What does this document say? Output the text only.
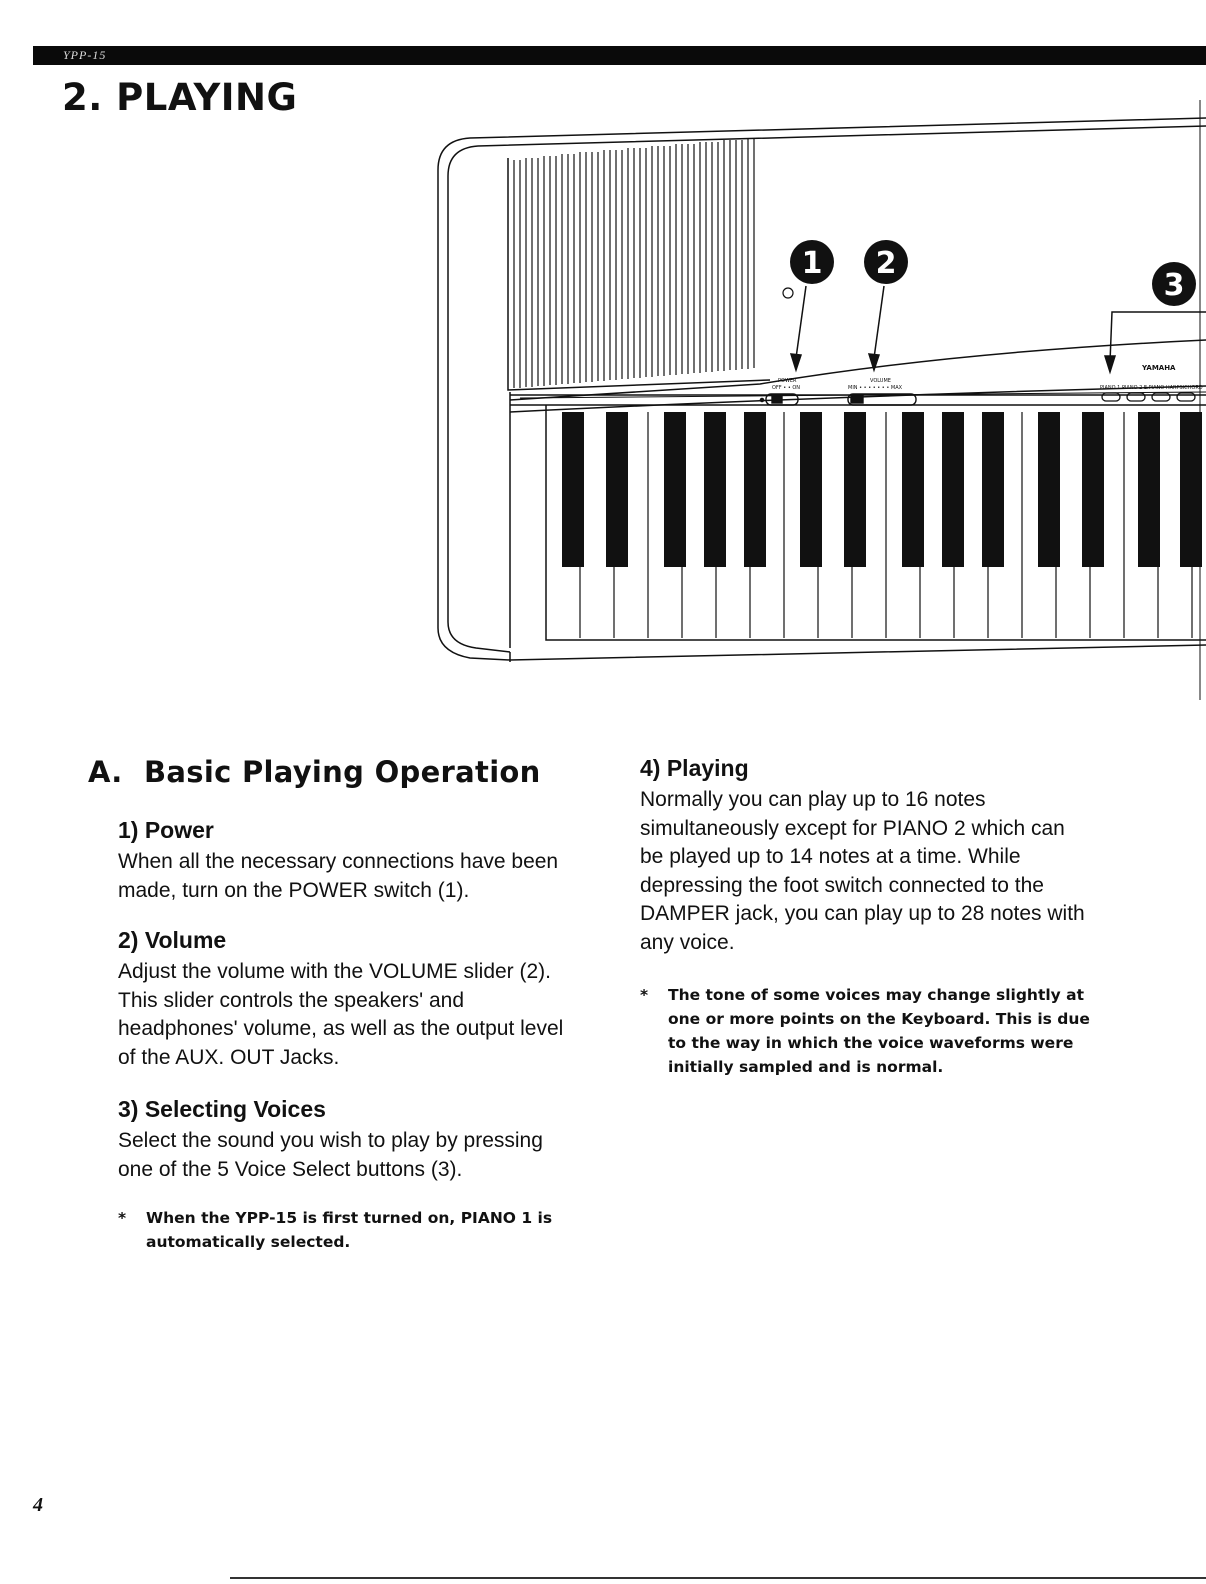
YPP-15
2. PLAYING
1 2
3
POWER
OFF • • ON
VOLUME
MIN • • • • • • • MAX	PIANO 1 PIANO 2 E.PIANO HARPSICHORD
YAMAHA
A. Basic Playing Operation
1) Power

When all the necessary connections have been made, turn on the POWER switch (1).

2) Volume

Adjust the volume with the VOLUME slider (2). This slider controls the speakers' and headphones' volume, as well as the output level of the AUX. OUT Jacks.

3) Selecting Voices

Select the sound you wish to play by pressing one of the 5 Voice Select buttons (3).

*	When the YPP-15 is first turned on, PIANO 1 is automatically selected.
4) Playing

Normally you can play up to 16 notes simultaneously except for PIANO 2 which can be played up to 14 notes at a time. While depressing the foot switch connected to the DAMPER jack, you can play up to 28 notes with any voice.

*	The tone of some voices may change slightly at one or more points on the Keyboard. This is due to the way in which the voice waveforms were initially sampled and is normal.
4
